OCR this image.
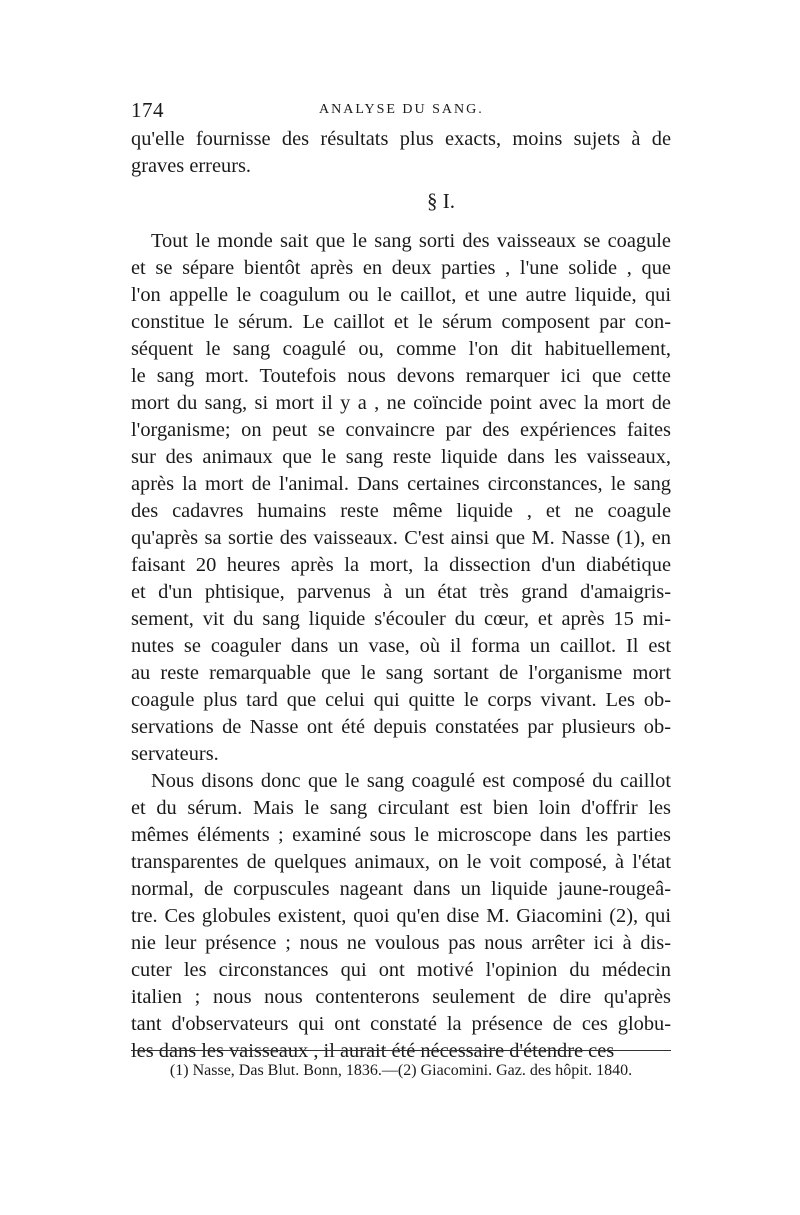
174	ANALYSE DU SANG.
qu'elle fournisse des résultats plus exacts, moins sujets à de
graves erreurs.
§ I.
Tout le monde sait que le sang sorti des vaisseaux se coagule
et se sépare bientôt après en deux parties , l'une solide , que
l'on appelle le coagulum ou le caillot, et une autre liquide, qui
constitue le sérum. Le caillot et le sérum composent par con-
séquent le sang coagulé ou, comme l'on dit habituellement,
le sang mort. Toutefois nous devons remarquer ici que cette
mort du sang, si mort il y a , ne coïncide point avec la mort de
l'organisme; on peut se convaincre par des expériences faites
sur des animaux que le sang reste liquide dans les vaisseaux,
après la mort de l'animal. Dans certaines circonstances, le sang
des cadavres humains reste même liquide , et ne coagule
qu'après sa sortie des vaisseaux. C'est ainsi que M. Nasse (1), en
faisant 20 heures après la mort, la dissection d'un diabétique
et d'un phtisique, parvenus à un état très grand d'amaigris-
sement, vit du sang liquide s'écouler du cœur, et après 15 mi-
nutes se coaguler dans un vase, où il forma un caillot. Il est
au reste remarquable que le sang sortant de l'organisme mort
coagule plus tard que celui qui quitte le corps vivant. Les ob-
servations de Nasse ont été depuis constatées par plusieurs ob-
servateurs.
Nous disons donc que le sang coagulé est composé du caillot
et du sérum. Mais le sang circulant est bien loin d'offrir les
mêmes éléments ; examiné sous le microscope dans les parties
transparentes de quelques animaux, on le voit composé, à l'état
normal, de corpuscules nageant dans un liquide jaune-rougeâ-
tre. Ces globules existent, quoi qu'en dise M. Giacomini (2), qui
nie leur présence ; nous ne voulous pas nous arrêter ici à dis-
cuter les circonstances qui ont motivé l'opinion du médecin
italien ; nous nous contenterons seulement de dire qu'après
tant d'observateurs qui ont constaté la présence de ces globu-
les dans les vaisseaux , il aurait été nécessaire d'étendre ces
(1) Nasse, Das Blut. Bonn, 1836.—(2) Giacomini. Gaz. des hôpit. 1840.
